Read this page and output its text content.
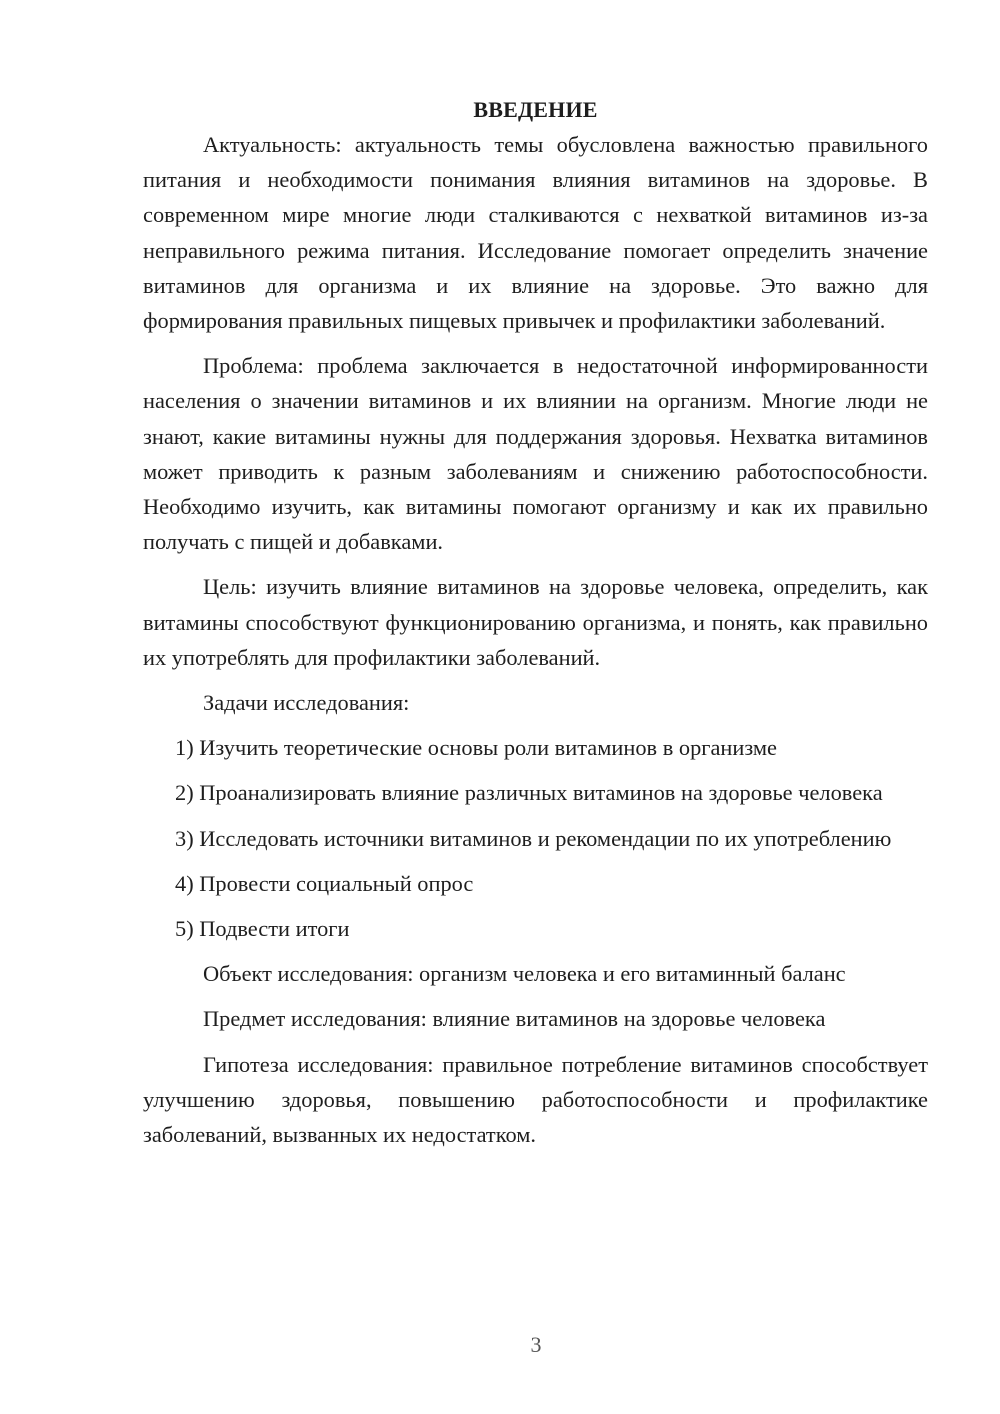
ВВЕДЕНИЕ

Актуальность: актуальность темы обусловлена важностью правильного питания и необходимости понимания влияния витаминов на здоровье. В современном мире многие люди сталкиваются с нехваткой витаминов из-за неправильного режима питания. Исследование помогает определить значение витаминов для организма и их влияние на здоровье. Это важно для формирования правильных пищевых привычек и профилактики заболеваний.

Проблема: проблема заключается в недостаточной информированности населения о значении витаминов и их влиянии на организм. Многие люди не знают, какие витамины нужны для поддержания здоровья. Нехватка витаминов может приводить к разным заболеваниям и снижению работоспособности. Необходимо изучить, как витамины помогают организму и как их правильно получать с пищей и добавками.

Цель: изучить влияние витаминов на здоровье человека, определить, как витамины способствуют функционированию организма, и понять, как правильно их употреблять для профилактики заболеваний.

Задачи исследования:

1) Изучить теоретические основы роли витаминов в организме

2) Проанализировать влияние различных витаминов на здоровье человека

3) Исследовать источники витаминов и рекомендации по их употреблению

4) Провести социальный опрос

5) Подвести итоги

Объект исследования: организм человека и его витаминный баланс

Предмет исследования: влияние витаминов на здоровье человека

Гипотеза исследования: правильное потребление витаминов способствует улучшению здоровья, повышению работоспособности и профилактике заболеваний, вызванных их недостатком.

3
